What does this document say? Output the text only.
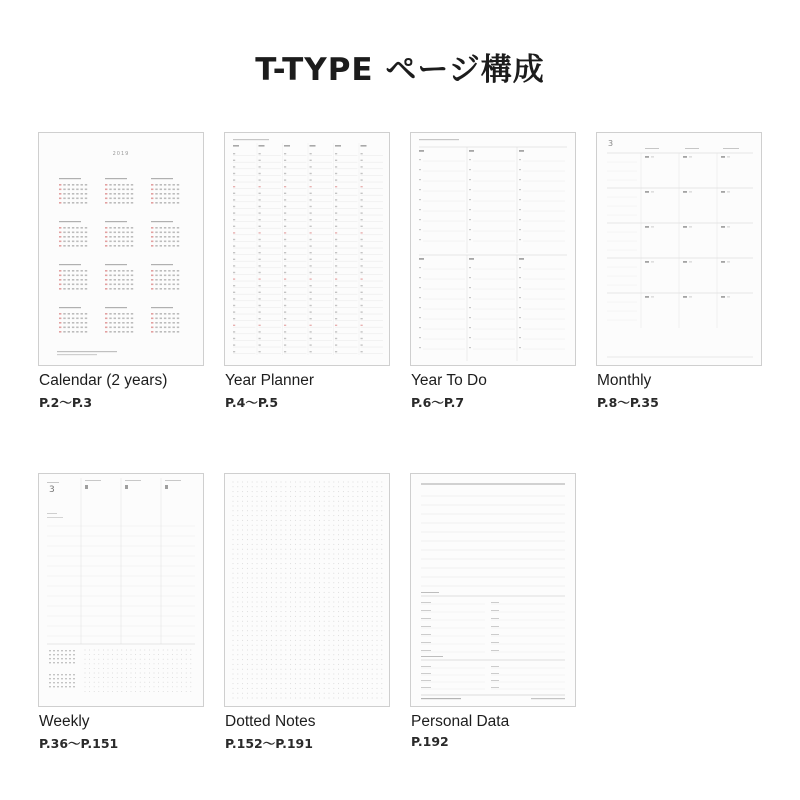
T-TYPE ページ構成
2019
Calendar (2 years)
P.2〜P.3
Year Planner
P.4〜P.5
Year To Do
P.6〜P.7
3
Monthly
P.8〜P.35
3
Weekly
P.36〜P.151
Dotted Notes
P.152〜P.191
Personal Data
P.192
